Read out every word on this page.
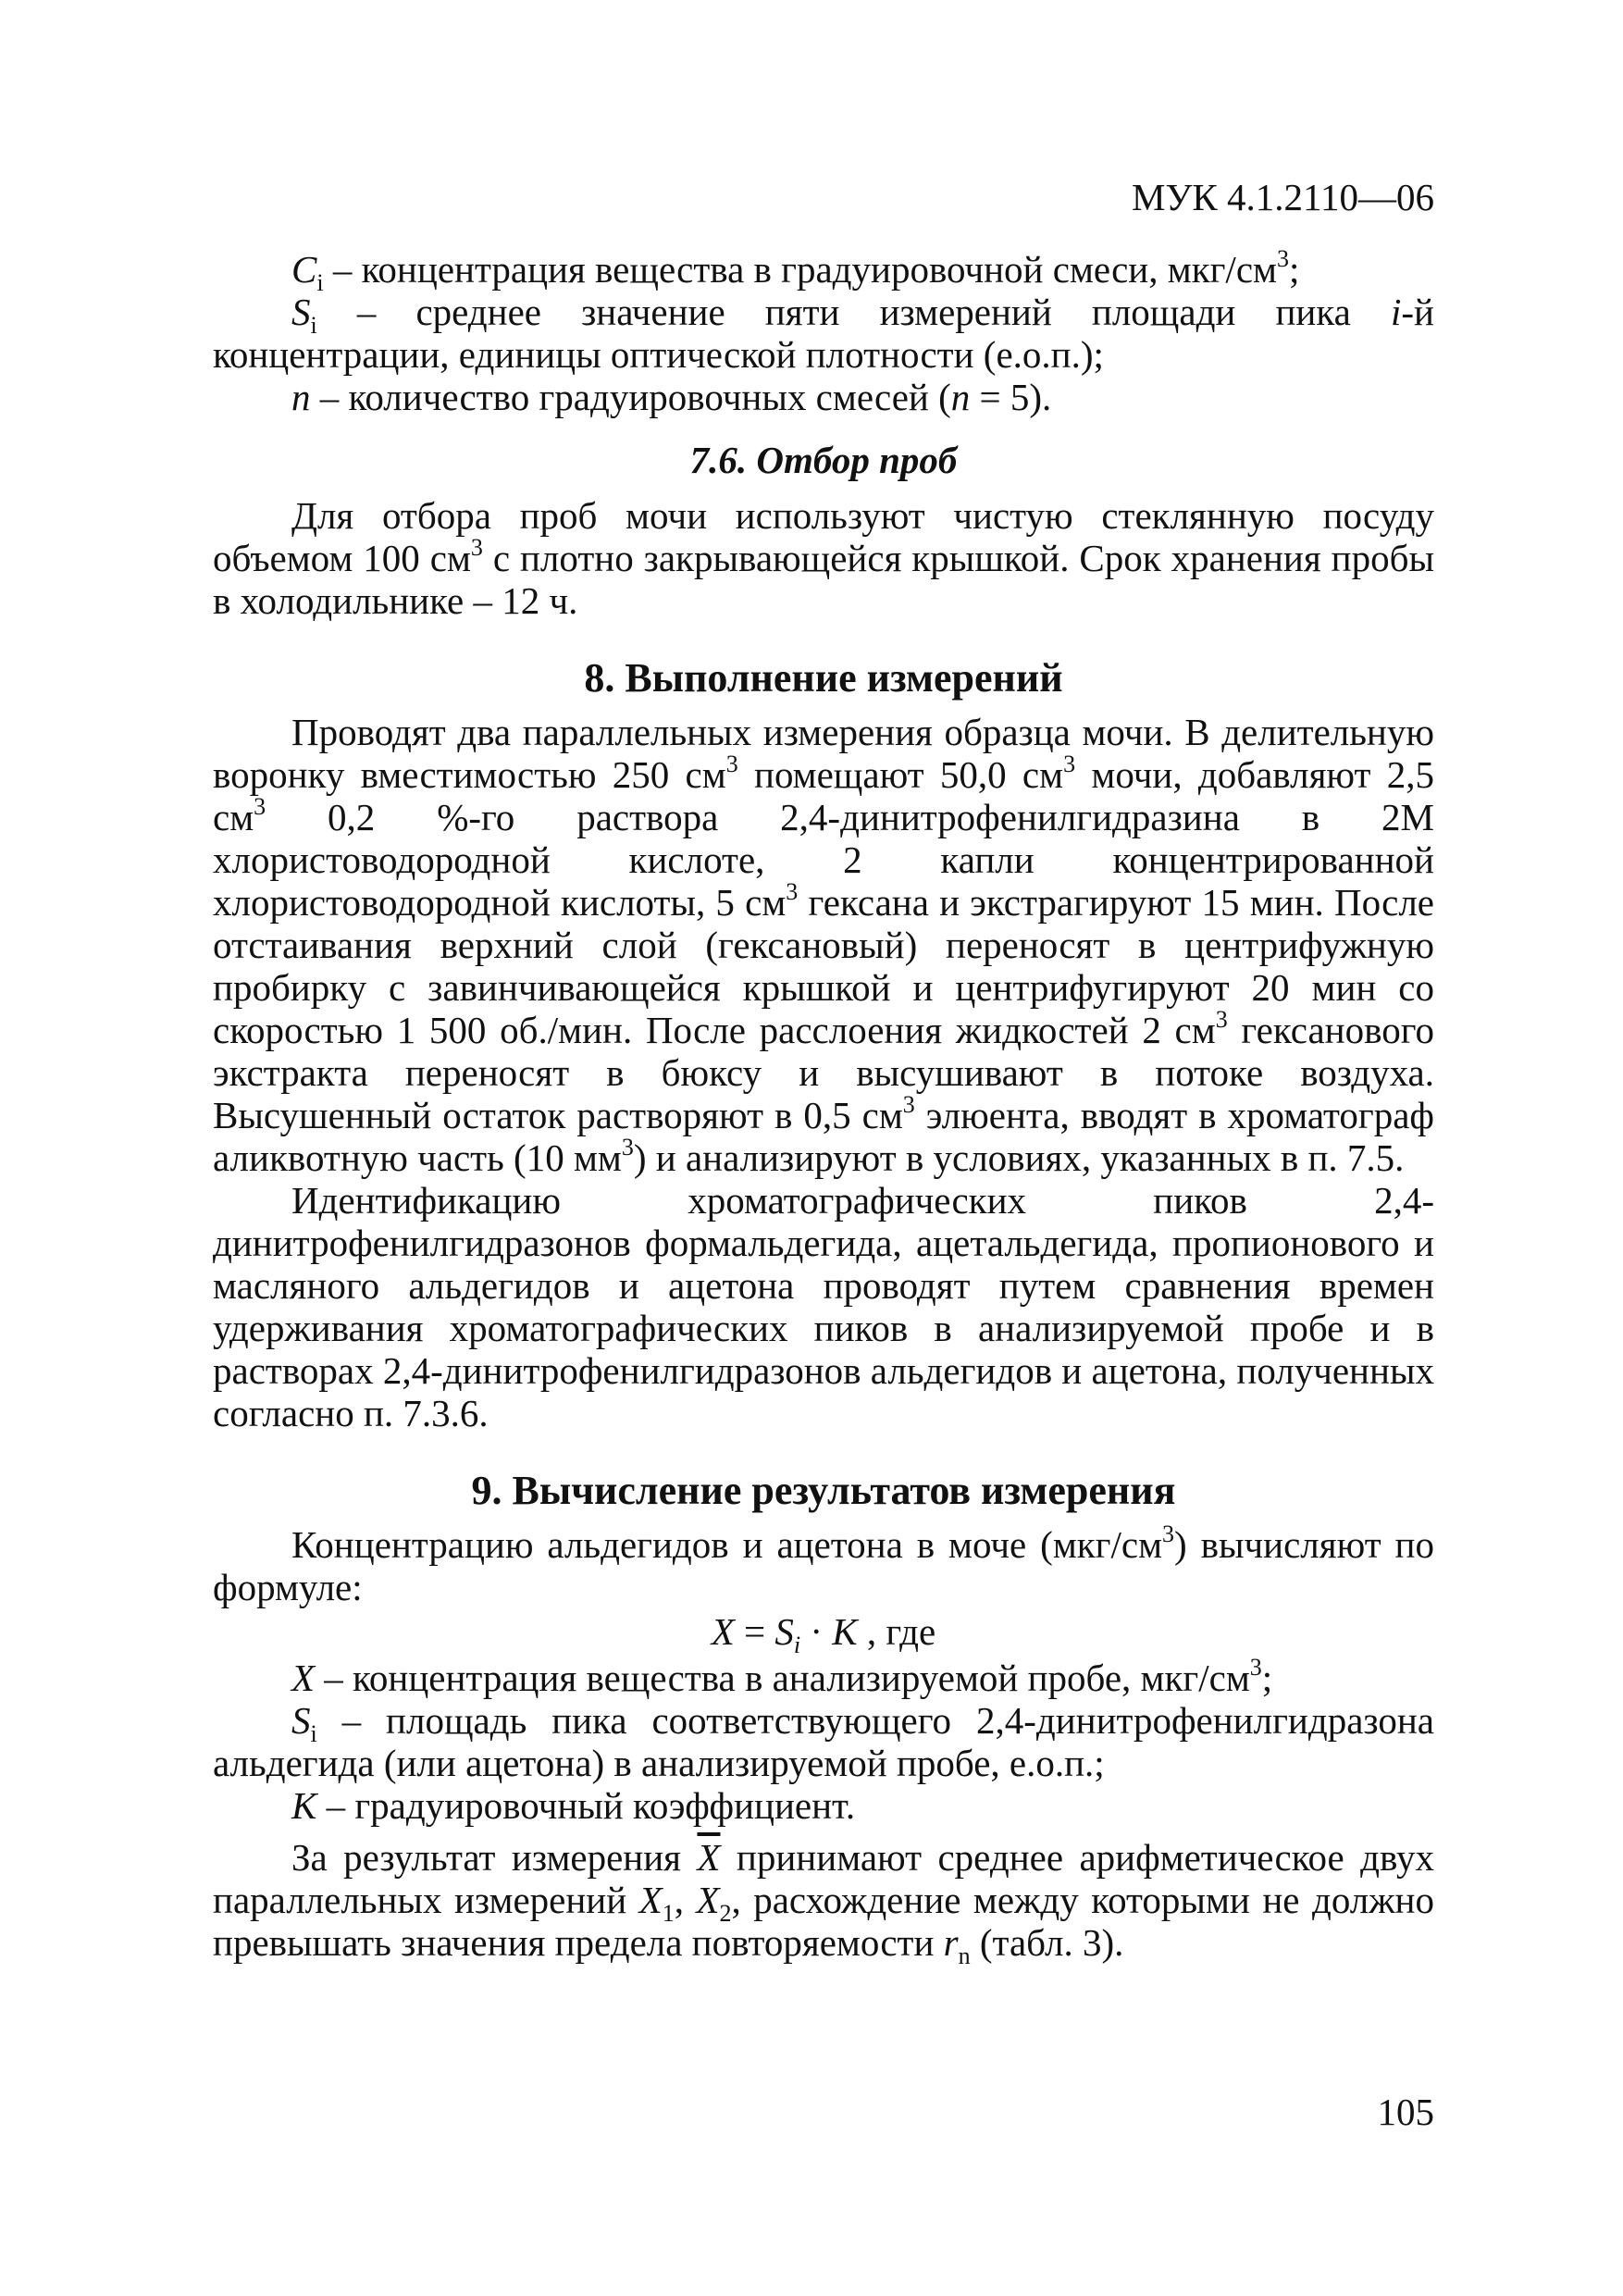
МУК 4.1.2110—06

$C_i$ – концентрация вещества в градуировочной смеси, мкг/$см^3$;

$S_i$ – среднее значение пяти измерений площади пика i-й концентрации, единицы оптической плотности (е.о.п.);

n – количество градуировочных смесей (n = 5).

7.6. Отбор проб

Для отбора проб мочи используют чистую стеклянную посуду объемом 100 $см^3$ с плотно закрывающейся крышкой. Срок хранения пробы в холодильнике – 12 ч.

8. Выполнение измерений

Проводят два параллельных измерения образца мочи. В делительную воронку вместимостью 250 $см^3$ помещают 50,0 $см^3$ мочи, добавляют 2,5 $см^3$ 0,2 %-го раствора 2,4-динитрофенилгидразина в 2М хлористоводородной кислоте, 2 капли концентрированной хлористоводородной кислоты, 5 $см^3$ гексана и экстрагируют 15 мин. После отстаивания верхний слой (гексановый) переносят в центрифужную пробирку с завинчивающейся крышкой и центрифугируют 20 мин со скоростью 1 500 об./мин. После расслоения жидкостей 2 $см^3$ гексанового экстракта переносят в бюксу и высушивают в потоке воздуха. Высушенный остаток растворяют в 0,5 $см^3$ элюента, вводят в хроматограф аликвотную часть (10 $мм^3$) и анализируют в условиях, указанных в п. 7.5.

Идентификацию хроматографических пиков 2,4-динитрофенилгидразонов формальдегида, ацетальдегида, пропионового и масляного альдегидов и ацетона проводят путем сравнения времен удерживания хроматографических пиков в анализируемой пробе и в растворах 2,4-динитрофенилгидразонов альдегидов и ацетона, полученных согласно п. 7.3.6.

9. Вычисление результатов измерения

Концентрацию альдегидов и ацетона в моче $(мкг/см^3)$ вычисляют по формуле:

$X = S_i \cdot K$ , где

X – концентрация вещества в анализируемой пробе, мкг/$см^3$;

$S_i$ – площадь пика соответствующего 2,4-динитрофенилгидразона альдегида (или ацетона) в анализируемой пробе, е.о.п.;

K – градуировочный коэффициент.

За результат измерения $\overline{X}$ принимают среднее арифметическое двух параллельных измерений $X_1$, $X_2$, расхождение между которыми не должно превышать значения предела повторяемости $r_n$ (табл. 3).

105
